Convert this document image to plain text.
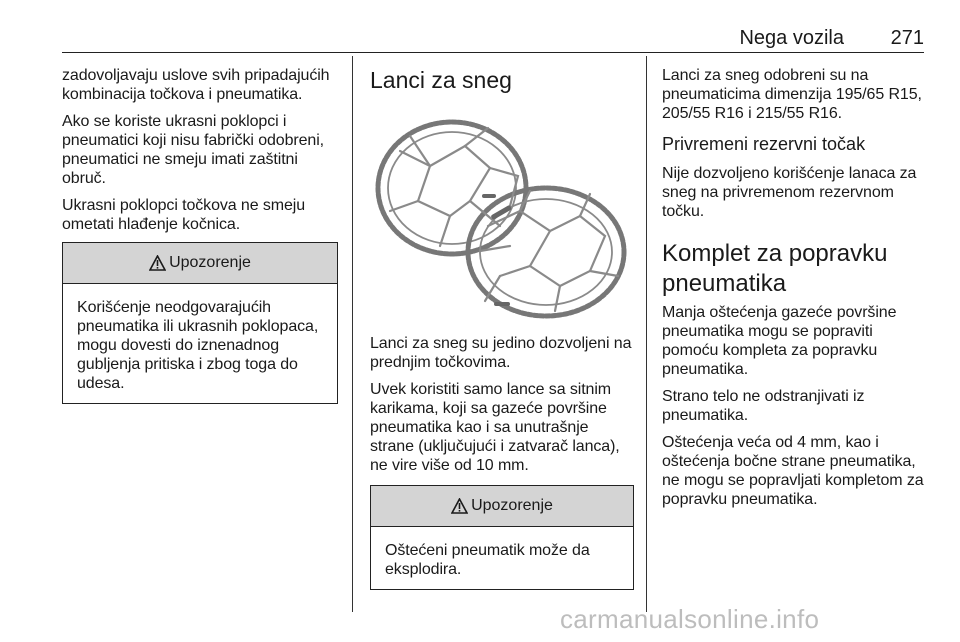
Nega vozila 271

zadovoljavaju uslove svih pripadajućih kombinacija točkova i pneumatika.

Ako se koriste ukrasni poklopci i pneumatici koji nisu fabrički odobreni, pneumatici ne smeju imati zaštitni obruč.

Ukrasni poklopci točkova ne smeju ometati hlađenje kočnica.

Upozorenje

Korišćenje neodgovarajućih pneumatika ili ukrasnih poklopaca, mogu dovesti do iznenadnog gubljenja pritiska i zbog toga do udesa.

Lanci za sneg

Lanci za sneg su jedino dozvoljeni na prednjim točkovima.

Uvek koristiti samo lance sa sitnim karikama, koji sa gazeće površine pneumatika kao i sa unutrašnje strane (uključujući i zatvarač lanca), ne vire više od 10 mm.

Upozorenje

Oštećeni pneumatik može da eksplodira.

Lanci za sneg odobreni su na pneumaticima dimenzija 195/65 R15, 205/55 R16 i 215/55 R16.

Privremeni rezervni točak

Nije dozvoljeno korišćenje lanaca za sneg na privremenom rezervnom točku.

Komplet za popravku pneumatika

Manja oštećenja gazeće površine pneumatika mogu se popraviti pomoću kompleta za popravku pneumatika.

Strano telo ne odstranjivati iz pneumatika.

Oštećenja veća od 4 mm, kao i oštećenja bočne strane pneumatika, ne mogu se popravljati kompletom za popravku pneumatika.

carmanualsonline.info
